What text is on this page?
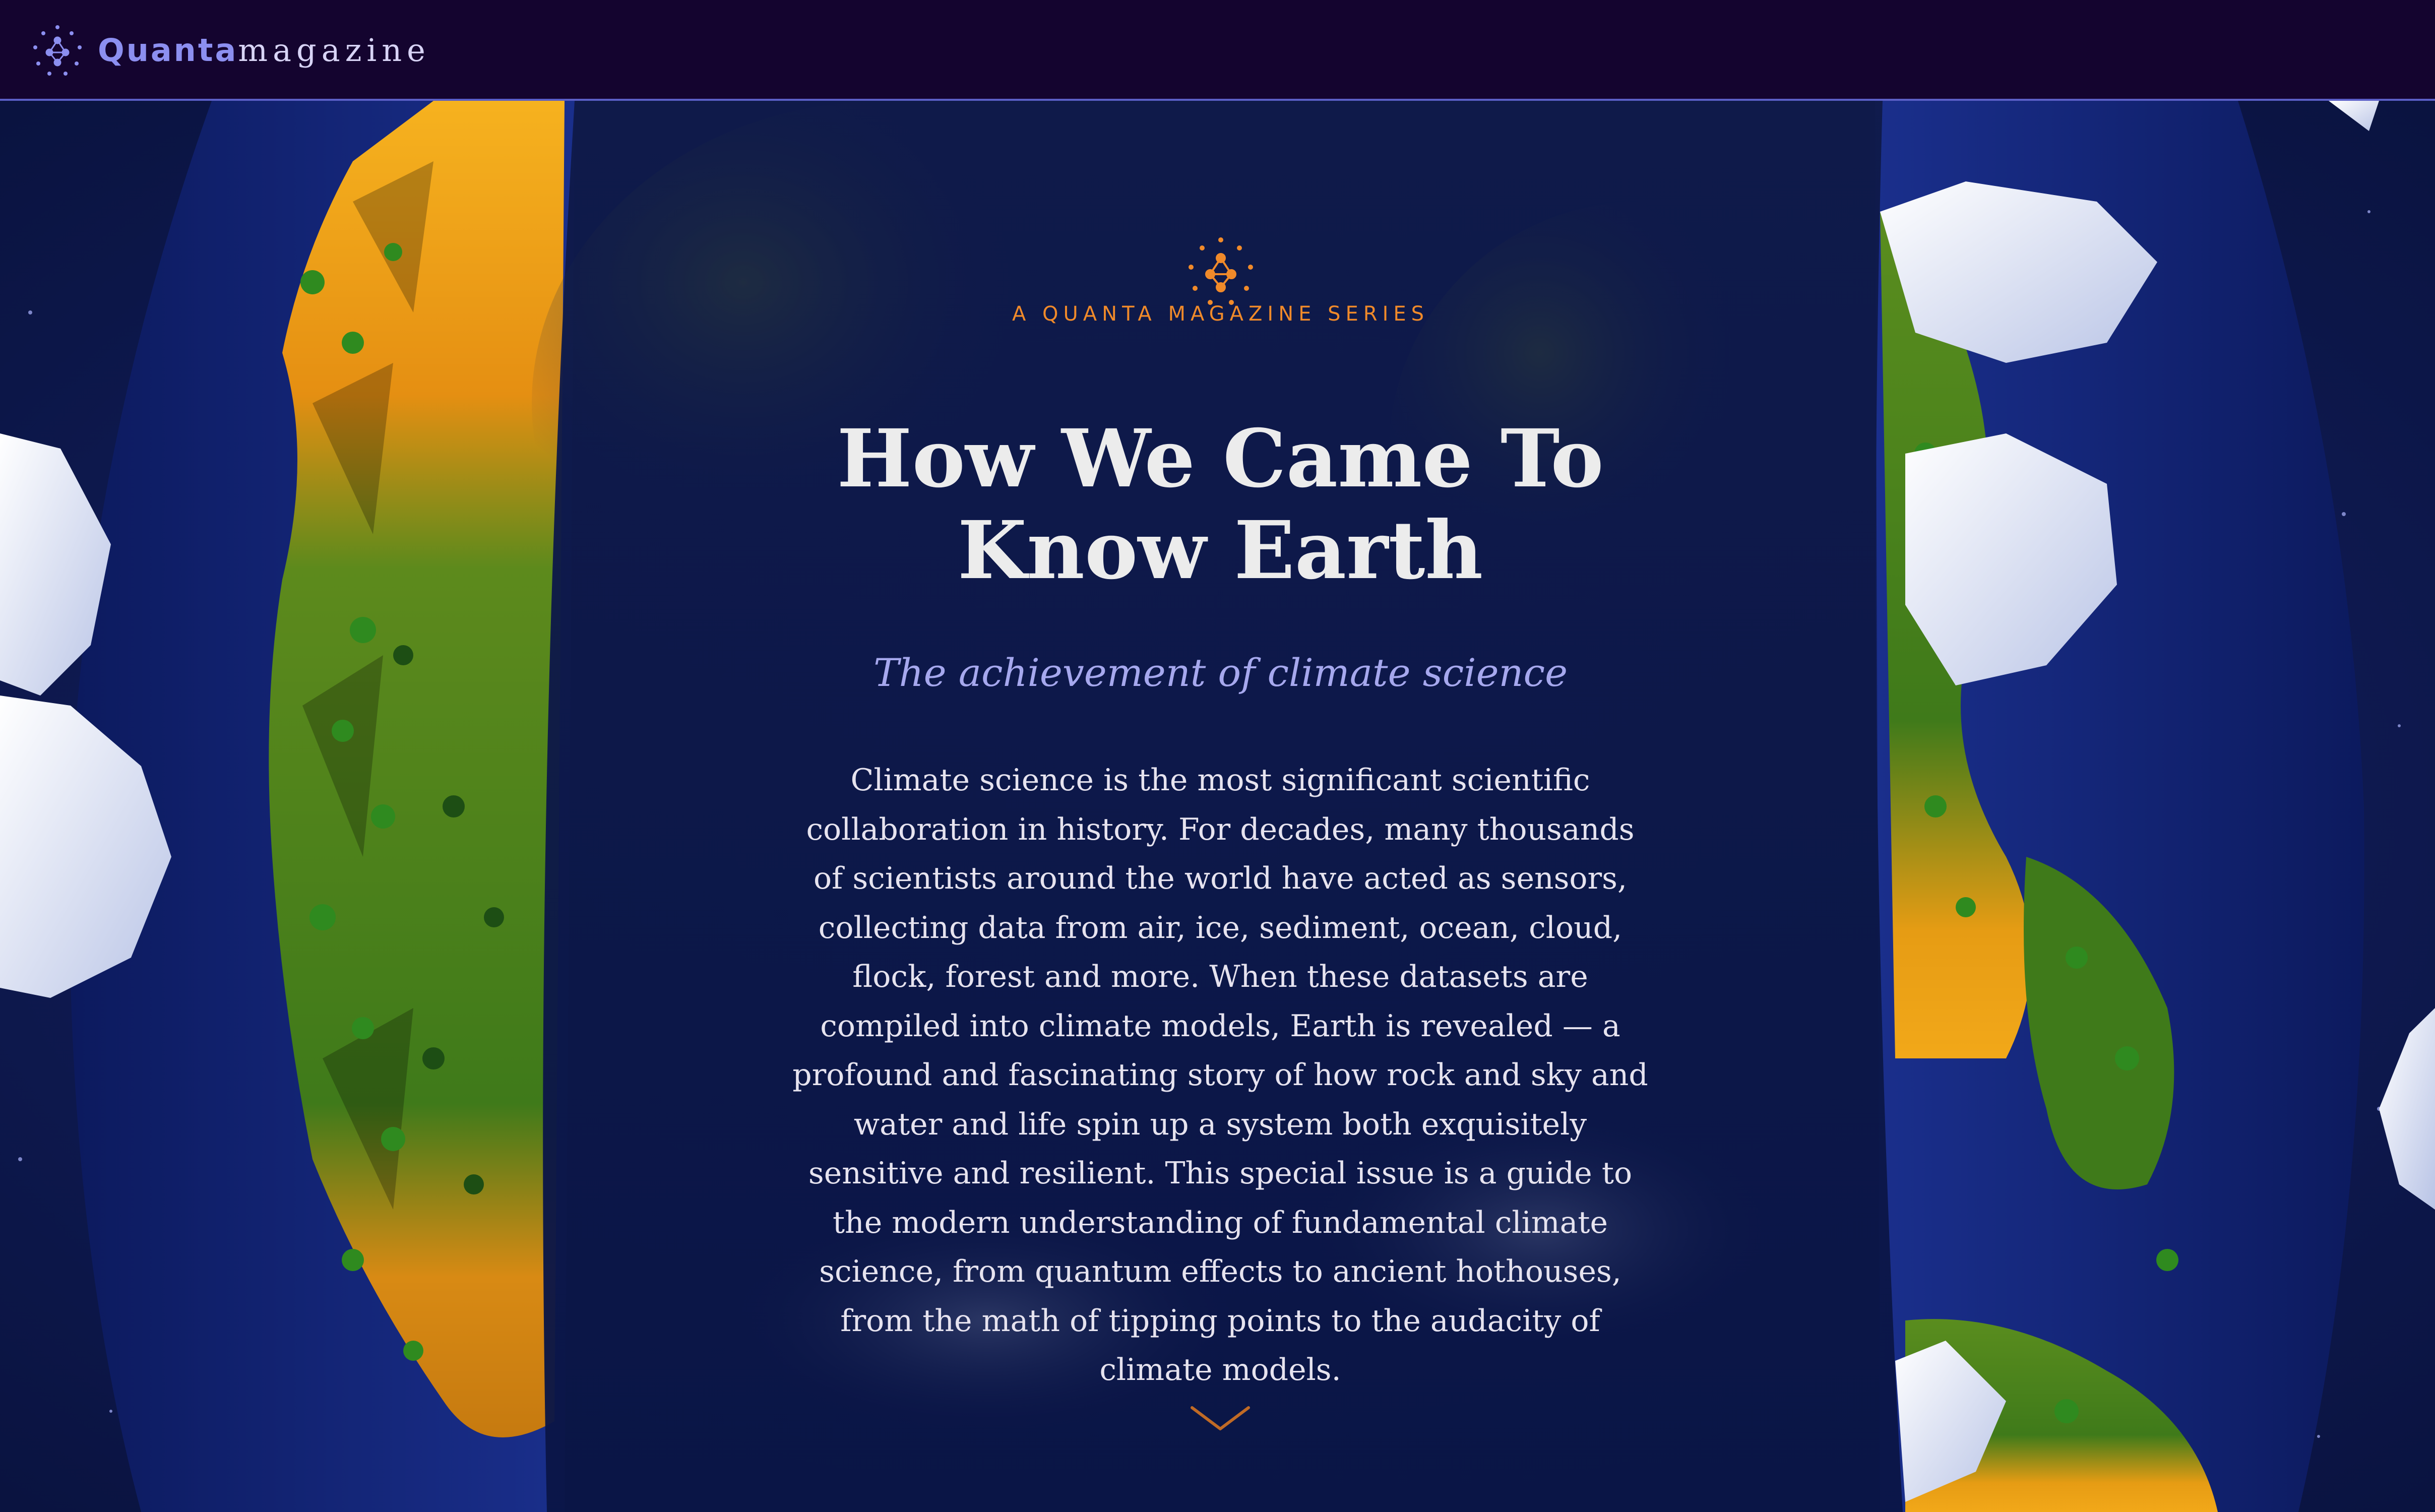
Quantamagazine
A QUANTA MAGAZINE SERIES
How We Came To Know Earth
The achievement of climate science

Climate science is the most significant scientific collaboration in history. For decades, many thousands of scientists around the world have acted as sensors, collecting data from air, ice, sediment, ocean, cloud, flock, forest and more. When these datasets are compiled into climate models, Earth is revealed — a profound and fascinating story of how rock and sky and water and life spin up a system both exquisitely sensitive and resilient. This special issue is a guide to the modern understanding of fundamental climate science, from quantum effects to ancient hothouses, from the math of tipping points to the audacity of climate models.
